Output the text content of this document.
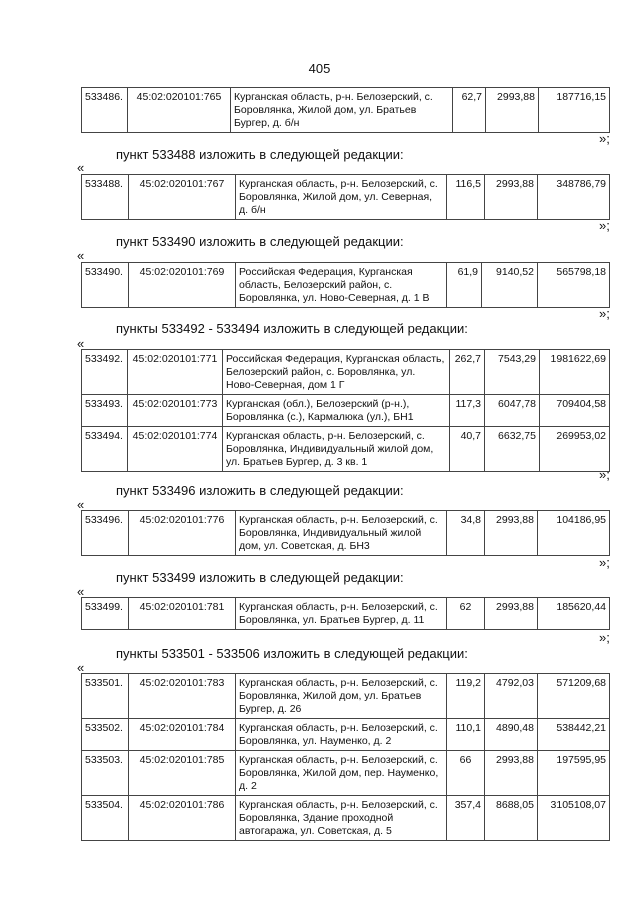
405
533486.	45:02:020101:765	Курганская область, р-н. Белозерский, с. Боровлянка, Жилой дом, ул. Братьев Бургер, д. б/н	62,7	2993,88	187716,15
»;
пункт 533488 изложить в следующей редакции:
«
533488.	45:02:020101:767	Курганская область, р-н. Белозерский, с. Боровлянка, Жилой дом, ул. Северная, д. б/н	116,5	2993,88	348786,79
»;
пункт 533490 изложить в следующей редакции:
«
533490.	45:02:020101:769	Российская Федерация, Курганская область, Белозерский район, с. Боровлянка, ул. Ново-Северная, д. 1 В	61,9	9140,52	565798,18
»;
пункты 533492 - 533494 изложить в следующей редакции:
«
533492.	45:02:020101:771	Российская Федерация, Курганская область, Белозерский район, с. Боровлянка, ул. Ново-Северная, дом 1 Г	262,7	7543,29	1981622,69
533493.	45:02:020101:773	Курганская (обл.), Белозерский (р-н.), Боровлянка (с.), Кармалюка (ул.), БН1	117,3	6047,78	709404,58
533494.	45:02:020101:774	Курганская область, р-н. Белозерский, с. Боровлянка, Индивидуальный жилой дом, ул. Братьев Бургер, д. 3 кв. 1	40,7	6632,75	269953,02
»;
пункт 533496 изложить в следующей редакции:
«
533496.	45:02:020101:776	Курганская область, р-н. Белозерский, с. Боровлянка, Индивидуальный жилой дом, ул. Советская, д. БН3	34,8	2993,88	104186,95
»;
пункт 533499 изложить в следующей редакции:
«
533499.	45:02:020101:781	Курганская область, р-н. Белозерский, с. Боровлянка, ул. Братьев Бургер, д. 11	62	2993,88	185620,44
»;
пункты 533501 - 533506 изложить в следующей редакции:
«
533501.	45:02:020101:783	Курганская область, р-н. Белозерский, с. Боровлянка, Жилой дом, ул. Братьев Бургер, д. 26	119,2	4792,03	571209,68
533502.	45:02:020101:784	Курганская область, р-н. Белозерский, с. Боровлянка, ул. Науменко, д. 2	110,1	4890,48	538442,21
533503.	45:02:020101:785	Курганская область, р-н. Белозерский, с. Боровлянка, Жилой дом, пер. Науменко, д. 2	66	2993,88	197595,95
533504.	45:02:020101:786	Курганская область, р-н. Белозерский, с. Боровлянка, Здание проходной автогаража, ул. Советская, д. 5	357,4	8688,05	3105108,07
